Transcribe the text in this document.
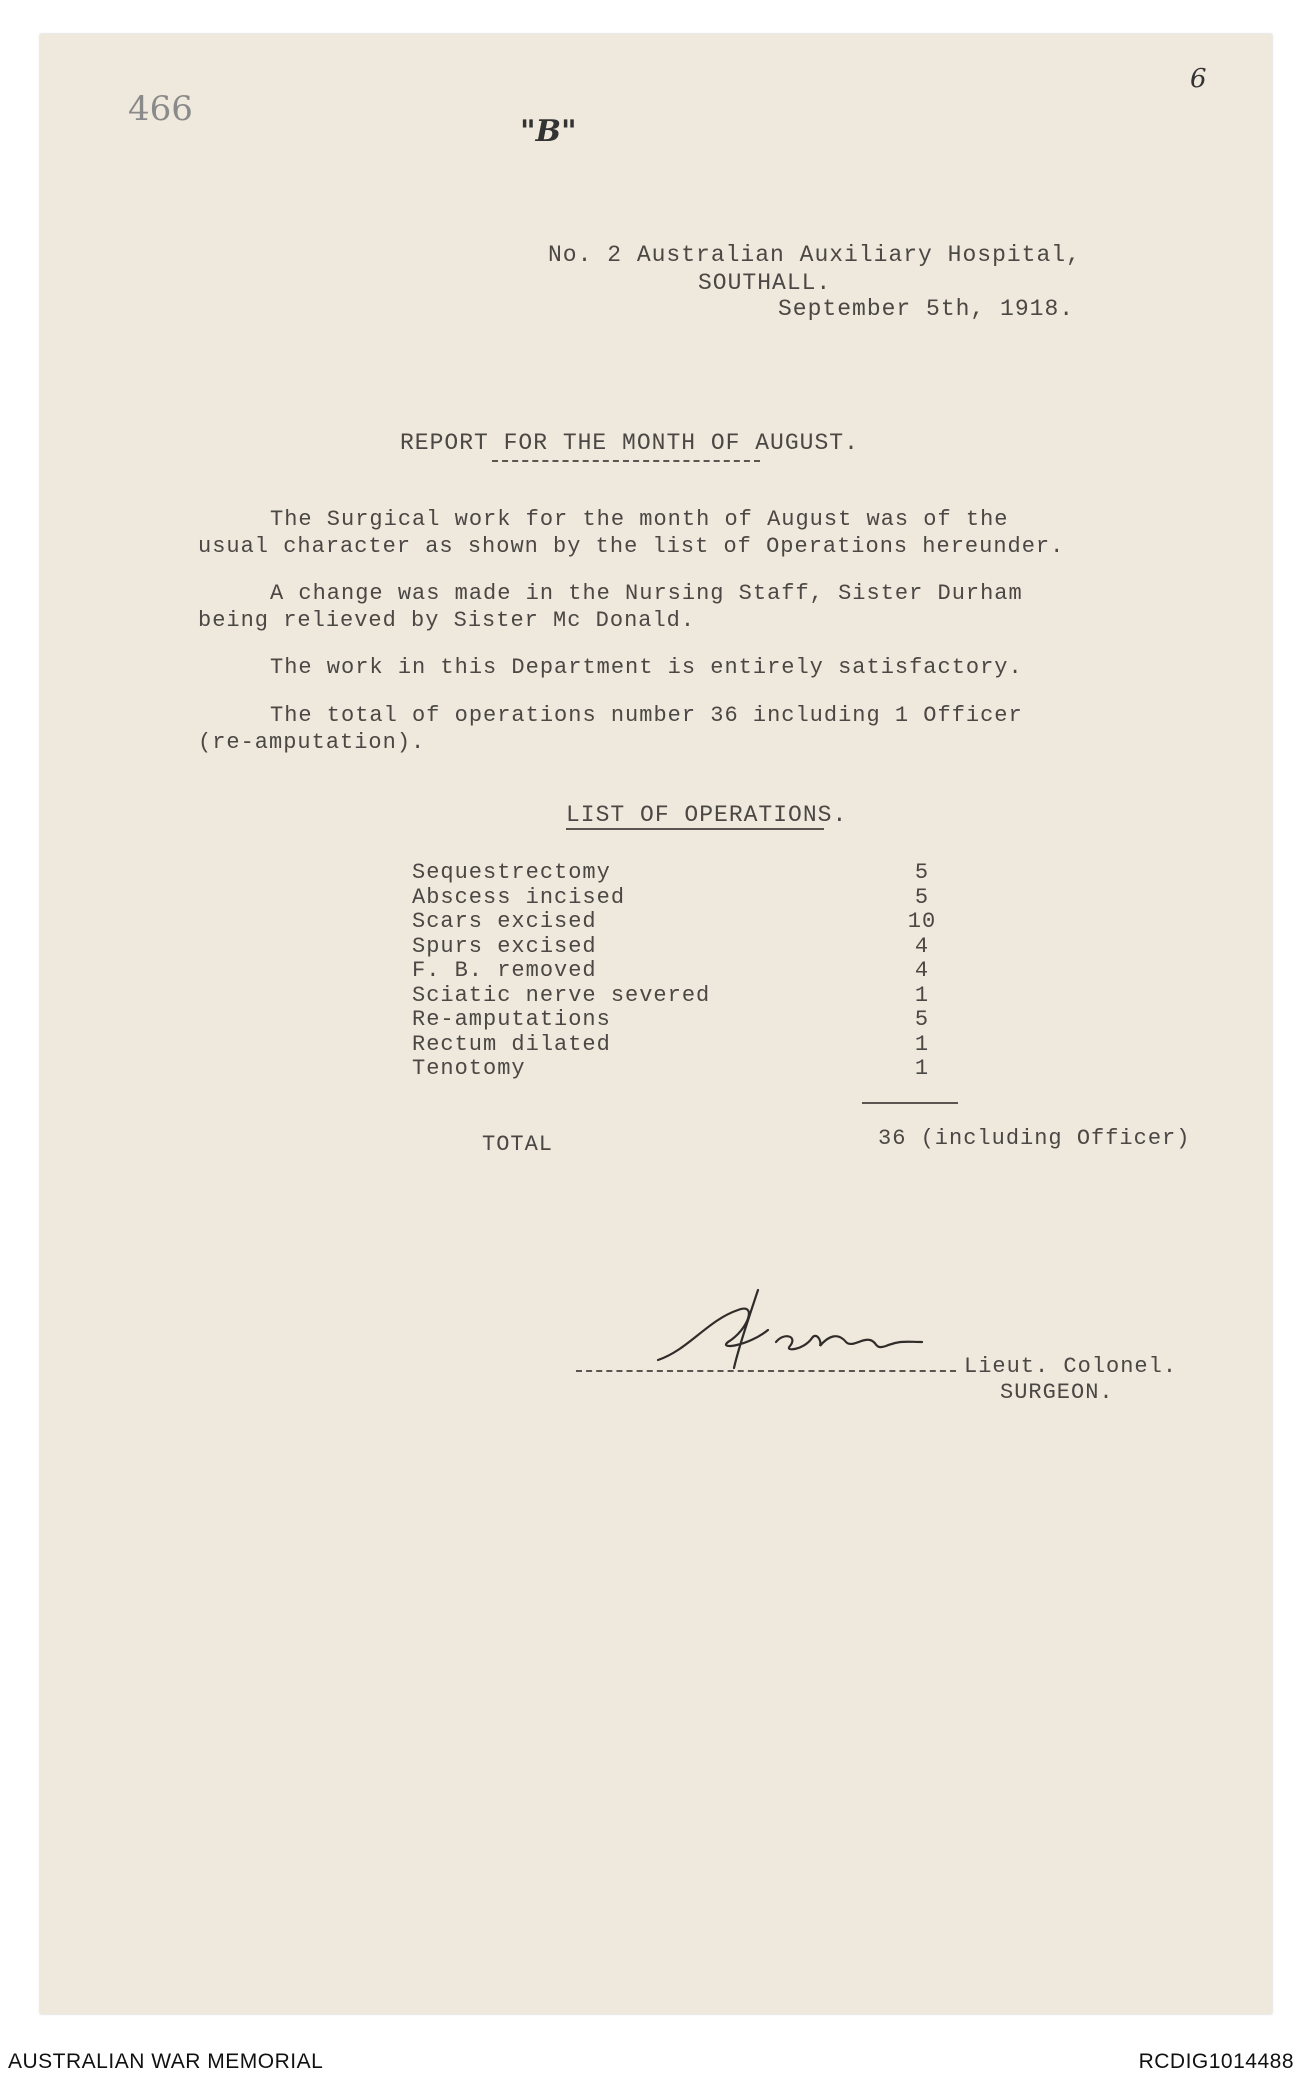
466
6
"B"
No. 2 Australian Auxiliary Hospital,
SOUTHALL.
September 5th, 1918.
REPORT FOR THE MONTH OF AUGUST.
The Surgical work for the month of August was of the
usual character as shown by the list of Operations hereunder.
A change was made in the Nursing Staff, Sister Durham
being relieved by Sister Mc Donald.
The work in this Department is entirely satisfactory.
The total of operations number 36 including 1 Officer
(re-amputation).
LIST OF OPERATIONS.
Sequestrectomy	5
Abscess incised	5
Scars excised	10
Spurs excised	4
F. B. removed	4
Sciatic nerve severed	1
Re-amputations	5
Rectum dilated	1
Tenotomy	1
TOTAL	36 (including Officer)
Lieut. Colonel.
SURGEON.
AUSTRALIAN WAR MEMORIAL	RCDIG1014488
